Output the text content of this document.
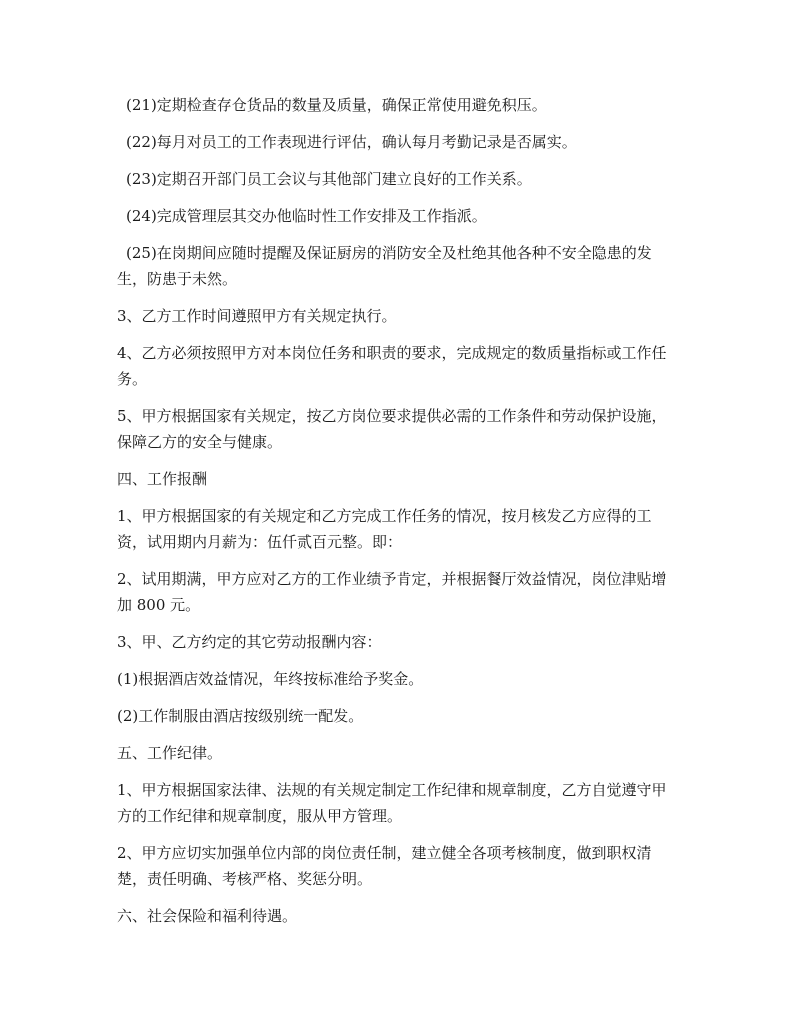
(21)定期检查存仓货品的数量及质量，确保正常使用避免积压。

(22)每月对员工的工作表现进行评估，确认每月考勤记录是否属实。

(23)定期召开部门员工会议与其他部门建立良好的工作关系。

(24)完成管理层其交办他临时性工作安排及工作指派。

(25)在岗期间应随时提醒及保证厨房的消防安全及杜绝其他各种不安全隐患的发生，防患于未然。

3、乙方工作时间遵照甲方有关规定执行。

4、乙方必须按照甲方对本岗位任务和职责的要求，完成规定的数质量指标或工作任务。

5、甲方根据国家有关规定，按乙方岗位要求提供必需的工作条件和劳动保护设施，保障乙方的安全与健康。

四、工作报酬

1、甲方根据国家的有关规定和乙方完成工作任务的情况，按月核发乙方应得的工资，试用期内月薪为：伍仟贰百元整。即：

2、试用期满，甲方应对乙方的工作业绩予肯定，并根据餐厅效益情况，岗位津贴增加 800 元。

3、甲、乙方约定的其它劳动报酬内容：

(1)根据酒店效益情况，年终按标准给予奖金。

(2)工作制服由酒店按级别统一配发。

五、工作纪律。

1、甲方根据国家法律、法规的有关规定制定工作纪律和规章制度，乙方自觉遵守甲方的工作纪律和规章制度，服从甲方管理。

2、甲方应切实加强单位内部的岗位责任制，建立健全各项考核制度，做到职权清楚，责任明确、考核严格、奖惩分明。

六、社会保险和福利待遇。
